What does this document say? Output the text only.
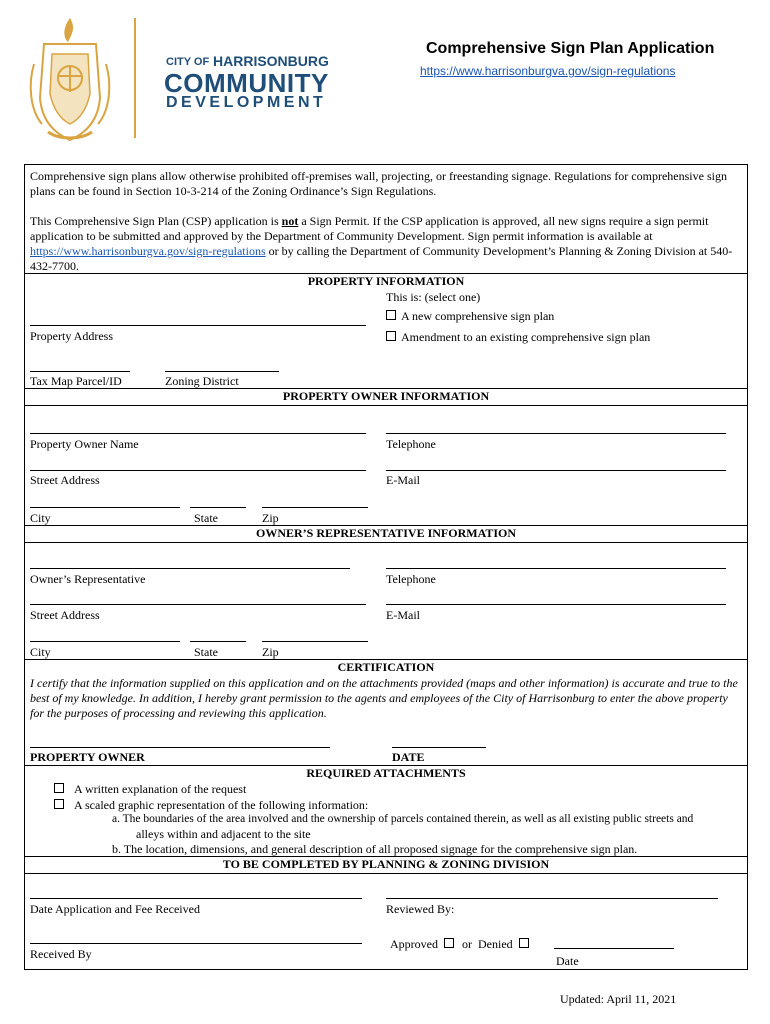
CITY OF HARRISONBURG
COMMUNITY
DEVELOPMENT
Comprehensive Sign Plan Application
https://www.harrisonburgva.gov/sign-regulations
Comprehensive sign plans allow otherwise prohibited off-premises wall, projecting, or freestanding signage. Regulations for comprehensive sign plans can be found in Section 10-3-214 of the Zoning Ordinance’s Sign Regulations.
This Comprehensive Sign Plan (CSP) application is not a Sign Permit. If the CSP application is approved, all new signs require a sign permit application to be submitted and approved by the Department of Community Development. Sign permit information is available at https://www.harrisonburgva.gov/sign-regulations or by calling the Department of Community Development’s Planning & Zoning Division at 540-432-7700.
PROPERTY INFORMATION
This is: (select one)
A new comprehensive sign plan
Amendment to an existing comprehensive sign plan
Property Address
Tax Map Parcel/ID	Zoning District
PROPERTY OWNER INFORMATION
Property Owner Name	Telephone
Street Address	E-Mail
City	State	Zip
OWNER’S REPRESENTATIVE INFORMATION
Owner’s Representative	Telephone
Street Address	E-Mail
City	State	Zip
CERTIFICATION
I certify that the information supplied on this application and on the attachments provided (maps and other information) is accurate and true to the best of my knowledge. In addition, I hereby grant permission to the agents and employees of the City of Harrisonburg to enter the above property for the purposes of processing and reviewing this application.
PROPERTY OWNER	DATE
REQUIRED ATTACHMENTS
A written explanation of the request
A scaled graphic representation of the following information:
a. The boundaries of the area involved and the ownership of parcels contained therein, as well as all existing public streets and
alleys within and adjacent to the site
b. The location, dimensions, and general description of all proposed signage for the comprehensive sign plan.
TO BE COMPLETED BY PLANNING & ZONING DIVISION
Date Application and Fee Received	Reviewed By:
Received By
Approved or Denied
Date
Updated: April 11, 2021
